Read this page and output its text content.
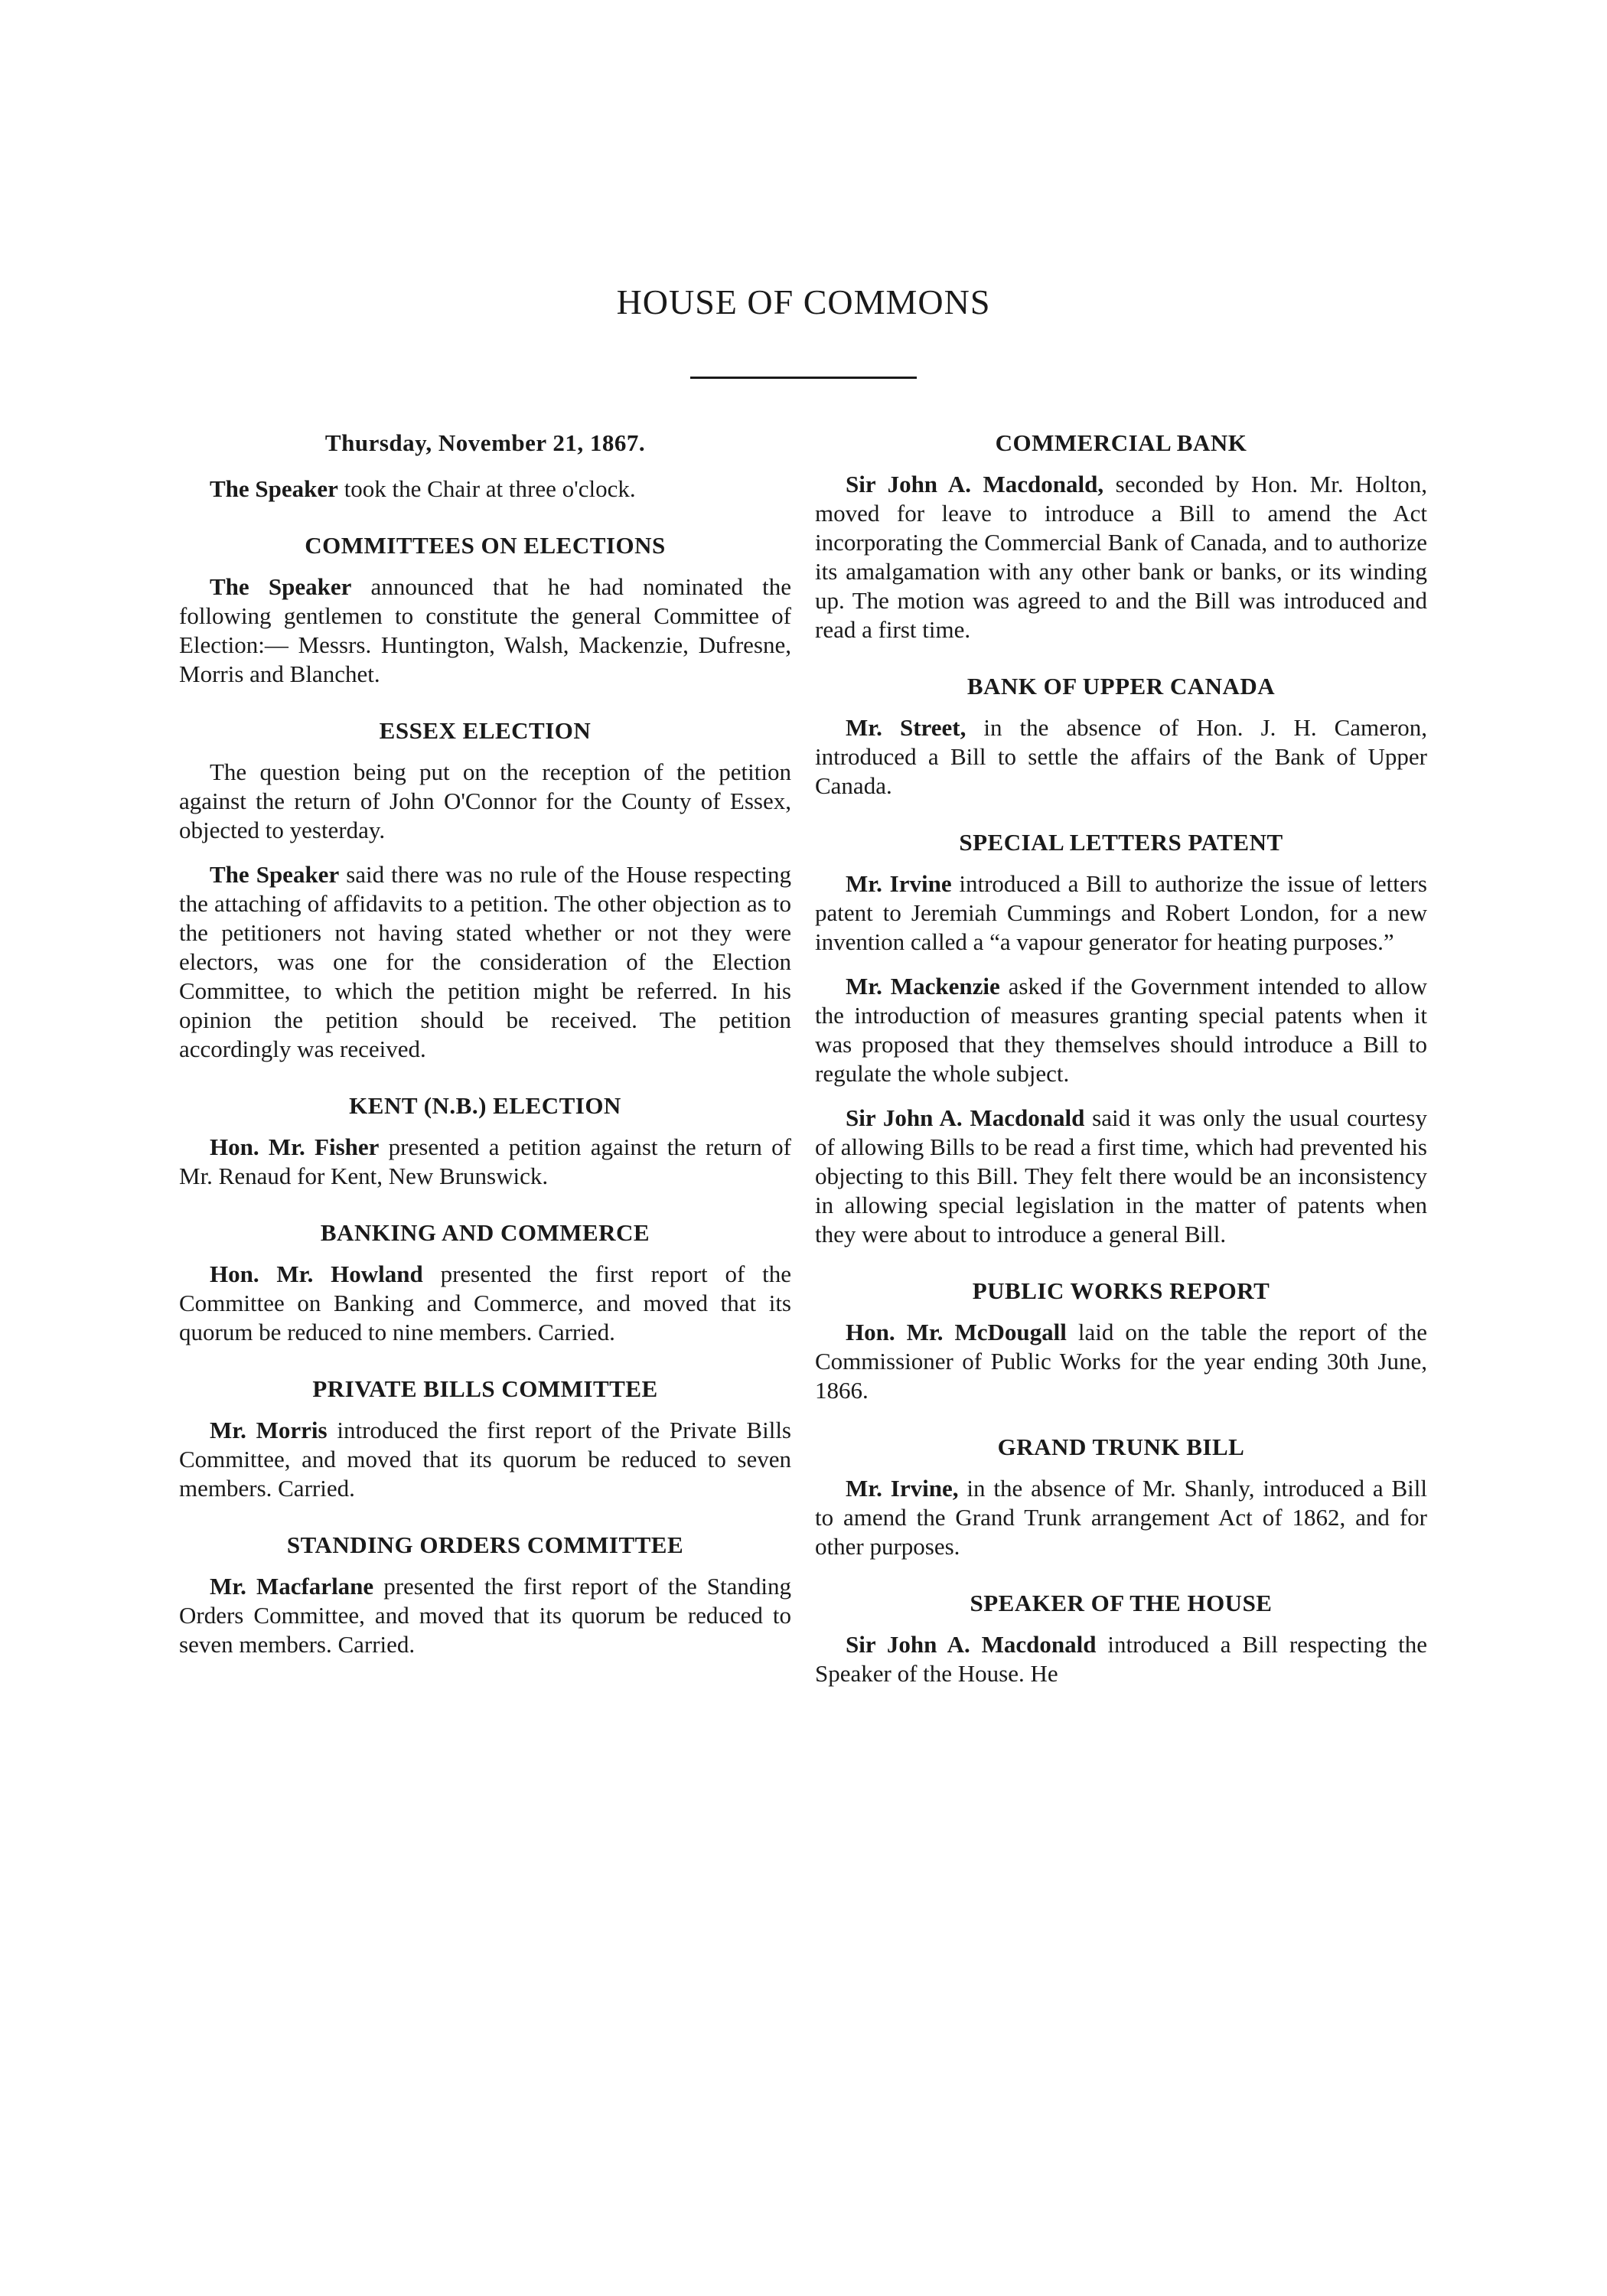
HOUSE OF COMMONS
Thursday, November 21, 1867.

The Speaker took the Chair at three o'clock.

COMMITTEES ON ELECTIONS

The Speaker announced that he had nominated the following gentlemen to constitute the general Committee of Election:— Messrs. Huntington, Walsh, Mackenzie, Dufresne, Morris and Blanchet.

ESSEX ELECTION

The question being put on the reception of the petition against the return of John O'Connor for the County of Essex, objected to yesterday.

The Speaker said there was no rule of the House respecting the attaching of affidavits to a petition. The other objection as to the petitioners not having stated whether or not they were electors, was one for the consideration of the Election Committee, to which the petition might be referred. In his opinion the petition should be received. The petition accordingly was received.

KENT (N.B.) ELECTION

Hon. Mr. Fisher presented a petition against the return of Mr. Renaud for Kent, New Brunswick.

BANKING AND COMMERCE

Hon. Mr. Howland presented the first report of the Committee on Banking and Commerce, and moved that its quorum be reduced to nine members. Carried.

PRIVATE BILLS COMMITTEE

Mr. Morris introduced the first report of the Private Bills Committee, and moved that its quorum be reduced to seven members. Carried.

STANDING ORDERS COMMITTEE

Mr. Macfarlane presented the first report of the Standing Orders Committee, and moved that its quorum be reduced to seven members. Carried.

COMMERCIAL BANK

Sir John A. Macdonald, seconded by Hon. Mr. Holton, moved for leave to introduce a Bill to amend the Act incorporating the Commercial Bank of Canada, and to authorize its amalgamation with any other bank or banks, or its winding up. The motion was agreed to and the Bill was introduced and read a first time.

BANK OF UPPER CANADA

Mr. Street, in the absence of Hon. J. H. Cameron, introduced a Bill to settle the affairs of the Bank of Upper Canada.

SPECIAL LETTERS PATENT

Mr. Irvine introduced a Bill to authorize the issue of letters patent to Jeremiah Cummings and Robert London, for a new invention called a “a vapour generator for heating purposes.”

Mr. Mackenzie asked if the Government intended to allow the introduction of measures granting special patents when it was proposed that they themselves should introduce a Bill to regulate the whole subject.

Sir John A. Macdonald said it was only the usual courtesy of allowing Bills to be read a first time, which had prevented his objecting to this Bill. They felt there would be an inconsistency in allowing special legislation in the matter of patents when they were about to introduce a general Bill.

PUBLIC WORKS REPORT

Hon. Mr. McDougall laid on the table the report of the Commissioner of Public Works for the year ending 30th June, 1866.

GRAND TRUNK BILL

Mr. Irvine, in the absence of Mr. Shanly, introduced a Bill to amend the Grand Trunk arrangement Act of 1862, and for other purposes.

SPEAKER OF THE HOUSE

Sir John A. Macdonald introduced a Bill respecting the Speaker of the House. He
